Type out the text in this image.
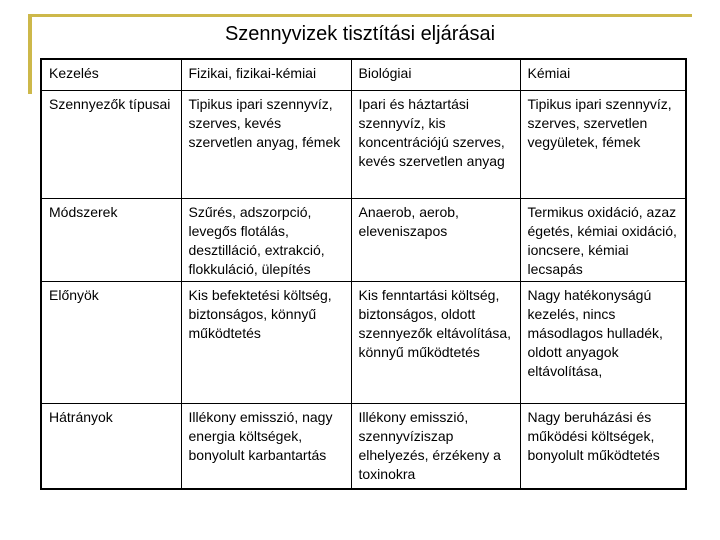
Szennyvizek tisztítási eljárásai
Kezelés	Fizikai, fizikai-kémiai	Biológiai	Kémiai
Szennyezők típusai	Tipikus ipari szennyvíz, szerves, kevés szervetlen anyag, fémek	Ipari és háztartási szennyvíz, kis koncentrációjú szerves, kevés szervetlen anyag	Tipikus ipari szennyvíz, szerves, szervetlen vegyületek, fémek
Módszerek	Szűrés, adszorpció, levegős flotálás, desztilláció, extrakció, flokkuláció, ülepítés	Anaerob, aerob, eleveniszapos	Termikus oxidáció, azaz égetés, kémiai oxidáció, ioncsere, kémiai lecsapás
Előnyök	Kis befektetési költség, biztonságos, könnyű működtetés	Kis fenntartási költség, biztonságos, oldott szennyezők eltávolítása, könnyű működtetés	Nagy hatékonyságú kezelés, nincs másodlagos hulladék, oldott anyagok eltávolítása,
Hátrányok	Illékony emisszió, nagy energia költségek, bonyolult karbantartás	Illékony emisszió, szennyvíziszap elhelyezés, érzékeny a toxinokra	Nagy beruházási és működési költségek, bonyolult működtetés
